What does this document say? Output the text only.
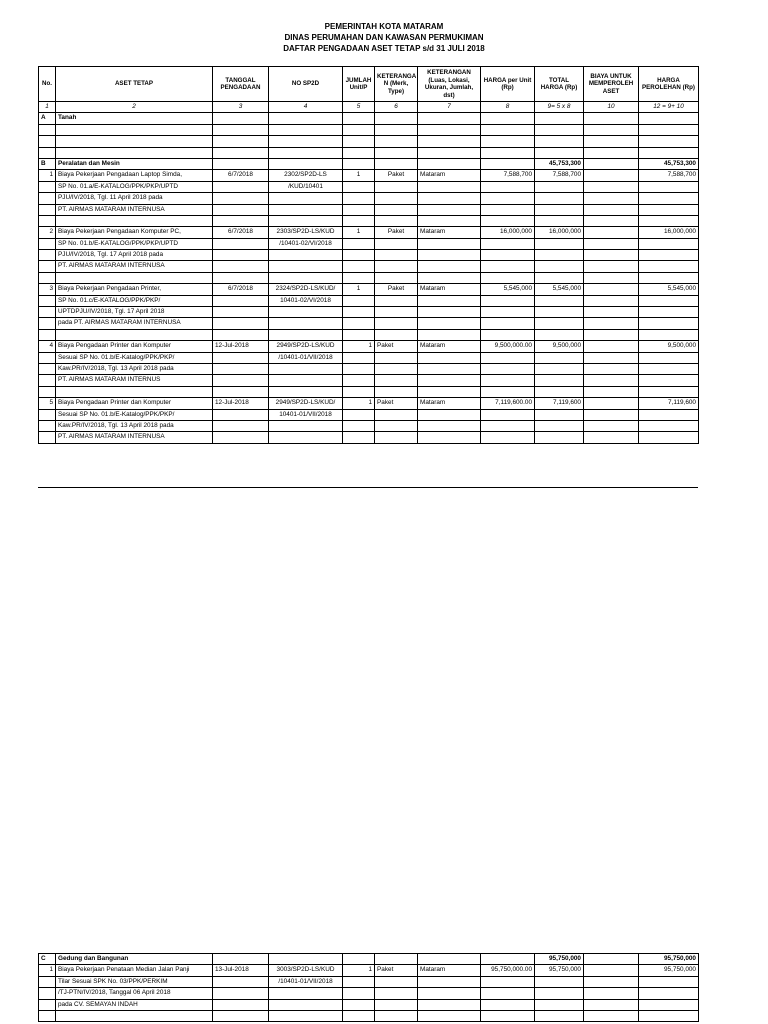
PEMERINTAH KOTA MATARAM
DINAS PERUMAHAN DAN KAWASAN PERMUKIMAN
DAFTAR PENGADAAN ASET TETAP s/d 31 JULI 2018
No.	ASET TETAP	TANGGAL PENGADAAN	NO SP2D	JUMLAH Unit/P	KETERANGA N (Merk, Type)	KETERANGAN (Luas, Lokasi, Ukuran, Jumlah, dst)	HARGA per Unit (Rp)	TOTAL HARGA (Rp)	BIAYA UNTUK MEMPEROLEH ASET	HARGA PEROLEHAN (Rp)
1	2	3	4	5	6	7	8	9= 5 x 8	10	12 = 9+ 10
A	Tanah									

B	Peralatan dan Mesin							45,753,300		45,753,300
1	Biaya Pekerjaan Pengadaan Laptop Simda,	6/7/2018	2302/SP2D-LS	1	Paket	Mataram	7,588,700	7,588,700		7,588,700
	SP No. 01.a/E-KATALOG/PPK/PKP/UPTD		/KUD/10401							
	PJU/IV/2018, Tgl. 11 April 2018 pada									
	PT. AIRMAS MATARAM INTERNUSA									

2	Biaya Pekerjaan Pengadaan Komputer PC,	6/7/2018	2303/SP2D-LS/KUD	1	Paket	Mataram	16,000,000	16,000,000		16,000,000
	SP No. 01.b/E-KATALOG/PPK/PKP/UPTD		/10401-02/VI/2018							
	PJU/IV/2018, Tgl. 17 April 2018 pada									
	PT. AIRMAS MATARAM INTERNUSA									

3	Biaya Pekerjaan Pengadaan Printer,	6/7/2018	2324/SP2D-LS/KUD/	1	Paket	Mataram	5,545,000	5,545,000		5,545,000
	SP No. 01.c/E-KATALOG/PPK/PKP/		10401-02/VI/2018							
	UPTDPJU/IV/2018, Tgl. 17 April 2018									
	pada PT. AIRMAS MATARAM INTERNUSA									

4	Biaya Pengadaan Printer dan Komputer	12-Jul-2018	2949/SP2D-LS/KUD	1	Paket	Mataram	9,500,000.00	9,500,000		9,500,000
	Sesuai SP No. 01.b/E-Katalog/PPK/PKP/		/10401-01/VII/2018							
	Kaw.PR/IV/2018, Tgl. 13 April 2018 pada									
	PT. AIRMAS MATARAM INTERNUS									

5	Biaya Pengadaan Printer dan Komputer	12-Jul-2018	2949/SP2D-LS/KUD/	1	Paket	Mataram	7,119,600.00	7,119,600		7,119,600
	Sesuai SP No. 01.b/E-Katalog/PPK/PKP/		10401-01/VII/2018							
	Kaw.PR/IV/2018, Tgl. 13 April 2018 pada									
	PT. AIRMAS MATARAM INTERNUSA									
C	Gedung dan Bangunan							95,750,000		95,750,000
1	Biaya Pekerjaan Penataan Median Jalan Panji	13-Jul-2018	3003/SP2D-LS/KUD	1	Paket	Mataram	95,750,000.00	95,750,000		95,750,000
	Tilar Sesuai SPK No. 03/PPK/PERKIM		/10401-01/VII/2018							
	/TJ-PTN/IV/2018, Tanggal 06 April 2018									
	pada CV. SEMAYAN INDAH									
